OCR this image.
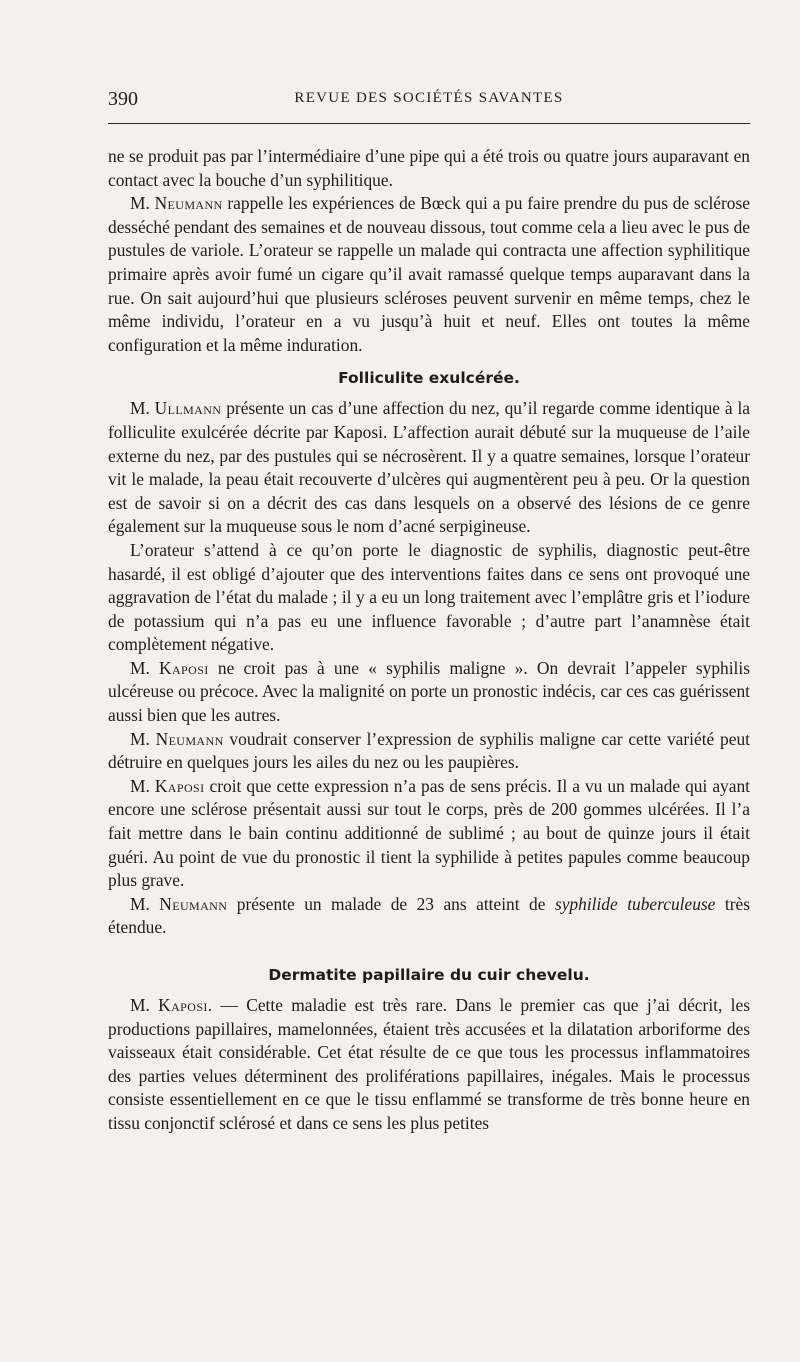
390	REVUE DES SOCIÉTÉS SAVANTES

ne se produit pas par l’intermédiaire d’une pipe qui a été trois ou quatre jours auparavant en contact avec la bouche d’un syphilitique.

M. Neumann rappelle les expériences de Bœck qui a pu faire prendre du pus de sclérose desséché pendant des semaines et de nouveau dissous, tout comme cela a lieu avec le pus de pustules de variole. L’orateur se rappelle un malade qui contracta une affection syphilitique primaire après avoir fumé un cigare qu’il avait ramassé quelque temps auparavant dans la rue. On sait aujourd’hui que plusieurs scléroses peuvent survenir en même temps, chez le même individu, l’orateur en a vu jusqu’à huit et neuf. Elles ont toutes la même configuration et la même induration.

Folliculite exulcérée.

M. Ullmann présente un cas d’une affection du nez, qu’il regarde comme identique à la folliculite exulcérée décrite par Kaposi. L’affection aurait débuté sur la muqueuse de l’aile externe du nez, par des pustules qui se nécrosèrent. Il y a quatre semaines, lorsque l’orateur vit le malade, la peau était recouverte d’ulcères qui augmentèrent peu à peu. Or la question est de savoir si on a décrit des cas dans lesquels on a observé des lésions de ce genre également sur la muqueuse sous le nom d’acné serpigineuse.

L’orateur s’attend à ce qu’on porte le diagnostic de syphilis, diagnostic peut-être hasardé, il est obligé d’ajouter que des interventions faites dans ce sens ont provoqué une aggravation de l’état du malade ; il y a eu un long traitement avec l’emplâtre gris et l’iodure de potassium qui n’a pas eu une influence favorable ; d’autre part l’anamnèse était complètement négative.

M. Kaposi ne croit pas à une « syphilis maligne ». On devrait l’appeler syphilis ulcéreuse ou précoce. Avec la malignité on porte un pronostic indécis, car ces cas guérissent aussi bien que les autres.

M. Neumann voudrait conserver l’expression de syphilis maligne car cette variété peut détruire en quelques jours les ailes du nez ou les paupières.

M. Kaposi croit que cette expression n’a pas de sens précis. Il a vu un malade qui ayant encore une sclérose présentait aussi sur tout le corps, près de 200 gommes ulcérées. Il l’a fait mettre dans le bain continu additionné de sublimé ; au bout de quinze jours il était guéri. Au point de vue du pronostic il tient la syphilide à petites papules comme beaucoup plus grave.

M. Neumann présente un malade de 23 ans atteint de syphilide tuberculeuse très étendue.

Dermatite papillaire du cuir chevelu.

M. Kaposi. — Cette maladie est très rare. Dans le premier cas que j’ai décrit, les productions papillaires, mamelonnées, étaient très accusées et la dilatation arboriforme des vaisseaux était considérable. Cet état résulte de ce que tous les processus inflammatoires des parties velues déterminent des proliférations papillaires, inégales. Mais le processus consiste essentiellement en ce que le tissu enflammé se transforme de très bonne heure en tissu conjonctif sclérosé et dans ce sens les plus petites
